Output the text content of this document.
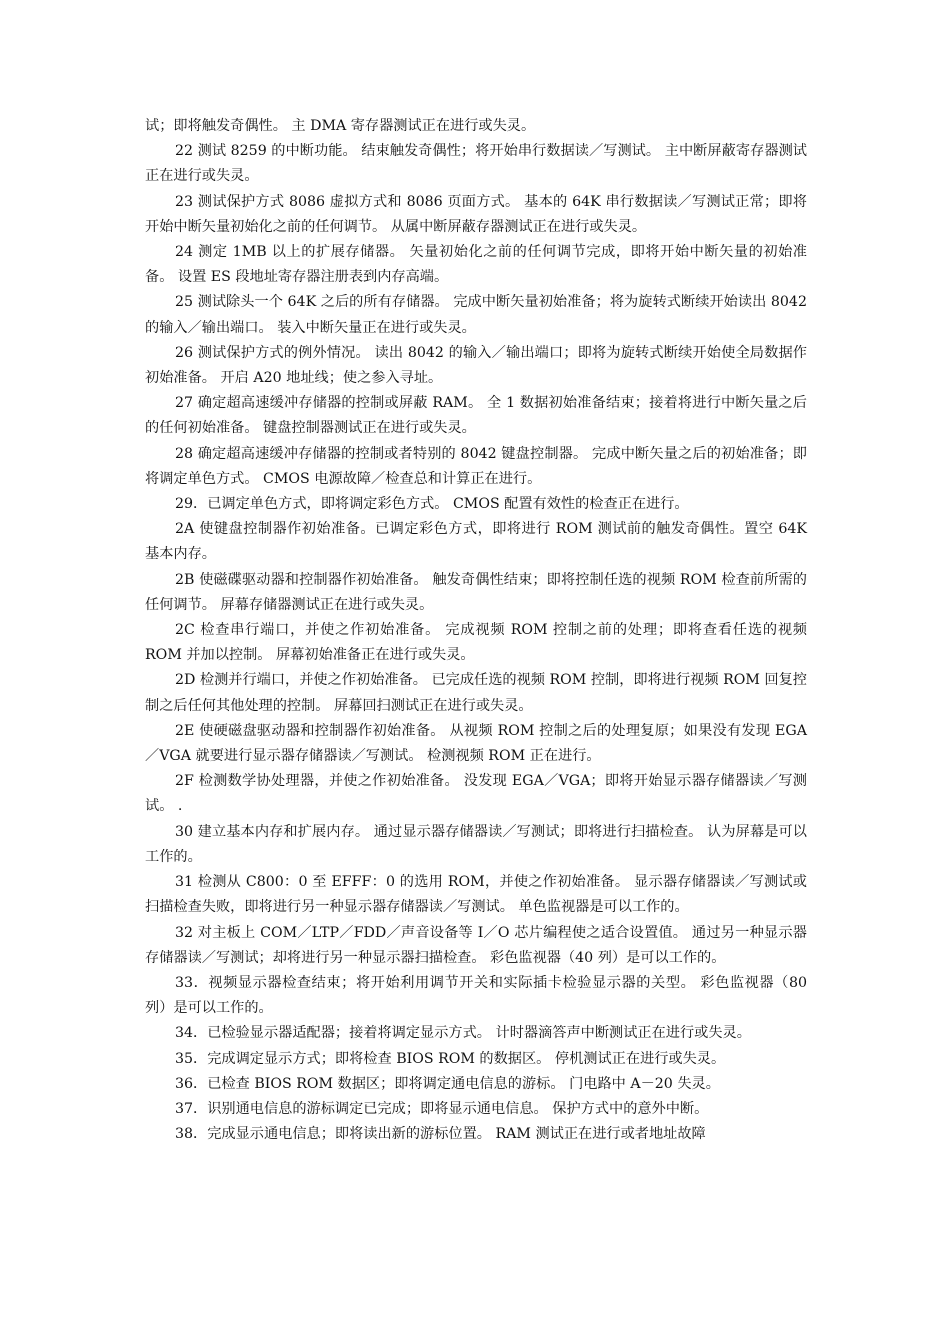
试；即将触发奇偶性。 主 DMA 寄存器测试正在进行或失灵。

22 测试 8259 的中断功能。 结束触发奇偶性；将开始串行数据读／写测试。 主中断屏蔽寄存器测试正在进行或失灵。

23 测试保护方式 8086 虚拟方式和 8086 页面方式。 基本的 64K 串行数据读／写测试正常；即将开始中断矢量初始化之前的任何调节。 从属中断屏蔽存器测试正在进行或失灵。

24 测定 1MB 以上的扩展存储器。 矢量初始化之前的任何调节完成，即将开始中断矢量的初始准备。 设置 ES 段地址寄存器注册表到内存高端。

25 测试除头一个 64K 之后的所有存储器。 完成中断矢量初始准备；将为旋转式断续开始读出 8042 的输入／输出端口。 装入中断矢量正在进行或失灵。

26 测试保护方式的例外情况。 读出 8042 的输入／输出端口；即将为旋转式断续开始使全局数据作初始准备。 开启 A20 地址线；使之参入寻址。

27 确定超高速缓冲存储器的控制或屏蔽 RAM。 全 1 数据初始准备结束；接着将进行中断矢量之后的任何初始准备。 键盘控制器测试正在进行或失灵。

28 确定超高速缓冲存储器的控制或者特别的 8042 键盘控制器。 完成中断矢量之后的初始准备；即将调定单色方式。 CMOS 电源故障／检查总和计算正在进行。

29．已调定单色方式，即将调定彩色方式。 CMOS 配置有效性的检查正在进行。

2A 使键盘控制器作初始准备。已调定彩色方式，即将进行 ROM 测试前的触发奇偶性。置空 64K 基本内存。

2B 使磁碟驱动器和控制器作初始准备。 触发奇偶性结束；即将控制任选的视频 ROM 检查前所需的任何调节。 屏幕存储器测试正在进行或失灵。

2C 检查串行端口，并使之作初始准备。 完成视频 ROM 控制之前的处理；即将查看任选的视频 ROM 并加以控制。 屏幕初始准备正在进行或失灵。

2D 检测并行端口，并使之作初始准备。 已完成任选的视频 ROM 控制，即将进行视频 ROM 回复控制之后任何其他处理的控制。 屏幕回扫测试正在进行或失灵。

2E 使硬磁盘驱动器和控制器作初始准备。 从视频 ROM 控制之后的处理复原；如果没有发现 EGA／VGA 就要进行显示器存储器读／写测试。 检测视频 ROM 正在进行。

2F 检测数学协处理器，并使之作初始准备。 没发现 EGA／VGA；即将开始显示器存储器读／写测试。 .

30 建立基本内存和扩展内存。 通过显示器存储器读／写测试；即将进行扫描检查。 认为屏幕是可以工作的。

31 检测从 C800：0 至 EFFF：0 的选用 ROM，并使之作初始准备。 显示器存储器读／写测试或扫描检查失败，即将进行另一种显示器存储器读／写测试。 单色监视器是可以工作的。

32 对主板上 COM／LTP／FDD／声音设备等 I／O 芯片编程使之适合设置值。 通过另一种显示器存储器读／写测试；却将进行另一种显示器扫描检查。 彩色监视器（40 列）是可以工作的。

33．视频显示器检查结束；将开始利用调节开关和实际插卡检验显示器的关型。 彩色监视器（80 列）是可以工作的。

34．已检验显示器适配器；接着将调定显示方式。 计时器滴答声中断测试正在进行或失灵。

35．完成调定显示方式；即将检查 BIOS ROM 的数据区。 停机测试正在进行或失灵。

36．已检查 BIOS ROM 数据区；即将调定通电信息的游标。 门电路中 A－20 失灵。

37．识别通电信息的游标调定已完成；即将显示通电信息。 保护方式中的意外中断。

38．完成显示通电信息；即将读出新的游标位置。 RAM 测试正在进行或者地址故障
